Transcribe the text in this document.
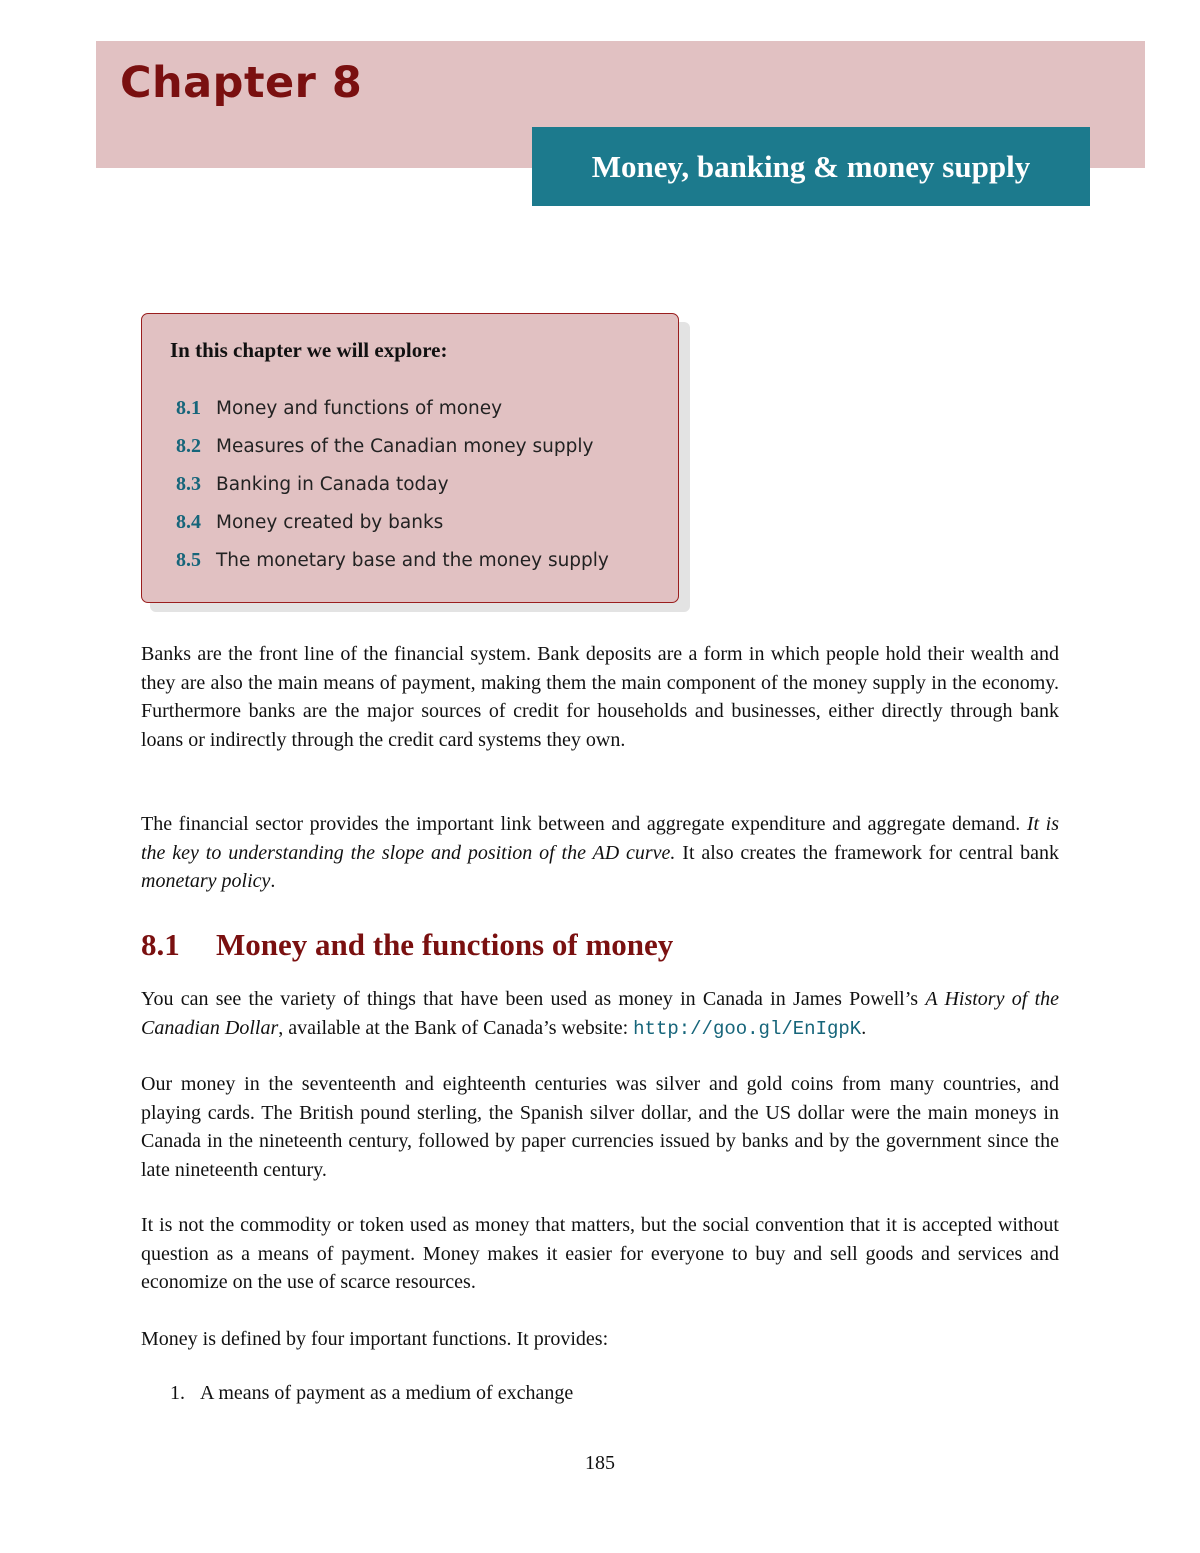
Chapter 8
Money, banking & money supply
In this chapter we will explore:
8.1 Money and functions of money
8.2 Measures of the Canadian money supply
8.3 Banking in Canada today
8.4 Money created by banks
8.5 The monetary base and the money supply
Banks are the front line of the financial system. Bank deposits are a form in which people hold their wealth and they are also the main means of payment, making them the main component of the money supply in the economy. Furthermore banks are the major sources of credit for households and businesses, either directly through bank loans or indirectly through the credit card systems they own.
The financial sector provides the important link between and aggregate expenditure and aggregate demand. It is the key to understanding the slope and position of the AD curve. It also creates the framework for central bank monetary policy.
8.1 Money and the functions of money
You can see the variety of things that have been used as money in Canada in James Powell’s A History of the Canadian Dollar, available at the Bank of Canada’s website: http://goo.gl/EnIgpK.
Our money in the seventeenth and eighteenth centuries was silver and gold coins from many countries, and playing cards. The British pound sterling, the Spanish silver dollar, and the US dollar were the main moneys in Canada in the nineteenth century, followed by paper currencies issued by banks and by the government since the late nineteenth century.
It is not the commodity or token used as money that matters, but the social convention that it is accepted without question as a means of payment. Money makes it easier for everyone to buy and sell goods and services and economize on the use of scarce resources.
Money is defined by four important functions. It provides:
1. A means of payment as a medium of exchange
185
